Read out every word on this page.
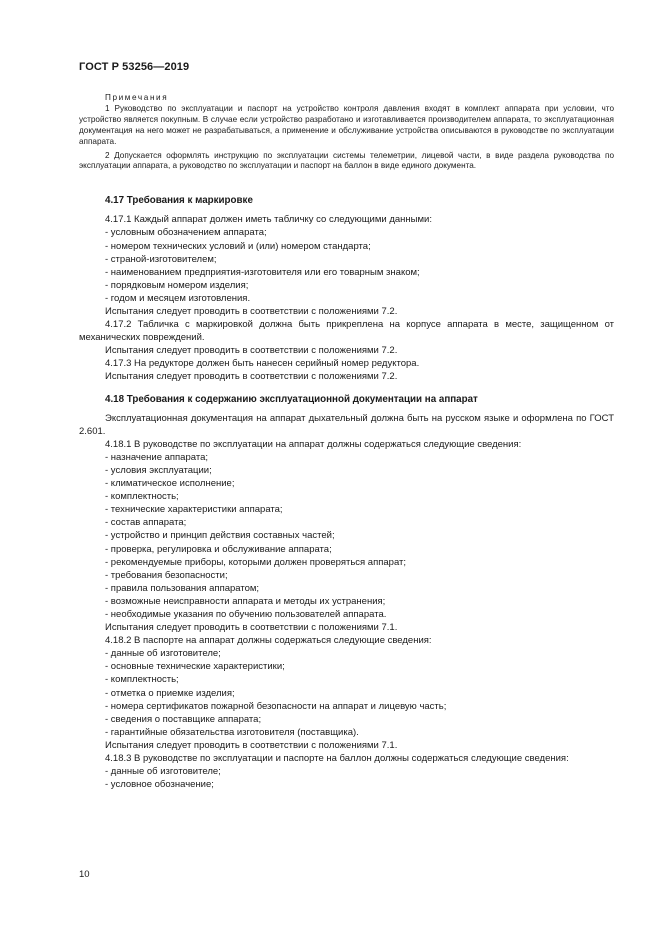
ГОСТ Р 53256—2019

Примечания

1 Руководство по эксплуатации и паспорт на устройство контроля давления входят в комплект аппарата при условии, что устройство является покупным. В случае если устройство разработано и изготавливается производителем аппарата, то эксплуатационная документация на него может не разрабатываться, а применение и обслуживание устройства описываются в руководстве по эксплуатации аппарата.

2 Допускается оформлять инструкцию по эксплуатации системы телеметрии, лицевой части, в виде раздела руководства по эксплуатации аппарата, а руководство по эксплуатации и паспорт на баллон в виде единого документа.

4.17 Требования к маркировке

4.17.1 Каждый аппарат должен иметь табличку со следующими данными:

- условным обозначением аппарата;

- номером технических условий и (или) номером стандарта;

- страной-изготовителем;

- наименованием предприятия-изготовителя или его товарным знаком;

- порядковым номером изделия;

- годом и месяцем изготовления.

Испытания следует проводить в соответствии с положениями 7.2.

4.17.2 Табличка с маркировкой должна быть прикреплена на корпусе аппарата в месте, защищенном от механических повреждений.

Испытания следует проводить в соответствии с положениями 7.2.

4.17.3 На редукторе должен быть нанесен серийный номер редуктора.

Испытания следует проводить в соответствии с положениями 7.2.

4.18 Требования к содержанию эксплуатационной документации на аппарат

Эксплуатационная документация на аппарат дыхательный должна быть на русском языке и оформлена по ГОСТ 2.601.

4.18.1 В руководстве по эксплуатации на аппарат должны содержаться следующие сведения:

- назначение аппарата;

- условия эксплуатации;

- климатическое исполнение;

- комплектность;

- технические характеристики аппарата;

- состав аппарата;

- устройство и принцип действия составных частей;

- проверка, регулировка и обслуживание аппарата;

- рекомендуемые приборы, которыми должен проверяться аппарат;

- требования безопасности;

- правила пользования аппаратом;

- возможные неисправности аппарата и методы их устранения;

- необходимые указания по обучению пользователей аппарата.

Испытания следует проводить в соответствии с положениями 7.1.

4.18.2 В паспорте на аппарат должны содержаться следующие сведения:

- данные об изготовителе;

- основные технические характеристики;

- комплектность;

- отметка о приемке изделия;

- номера сертификатов пожарной безопасности на аппарат и лицевую часть;

- сведения о поставщике аппарата;

- гарантийные обязательства изготовителя (поставщика).

Испытания следует проводить в соответствии с положениями 7.1.

4.18.3 В руководстве по эксплуатации и паспорте на баллон должны содержаться следующие сведения:

- данные об изготовителе;

- условное обозначение;

10
